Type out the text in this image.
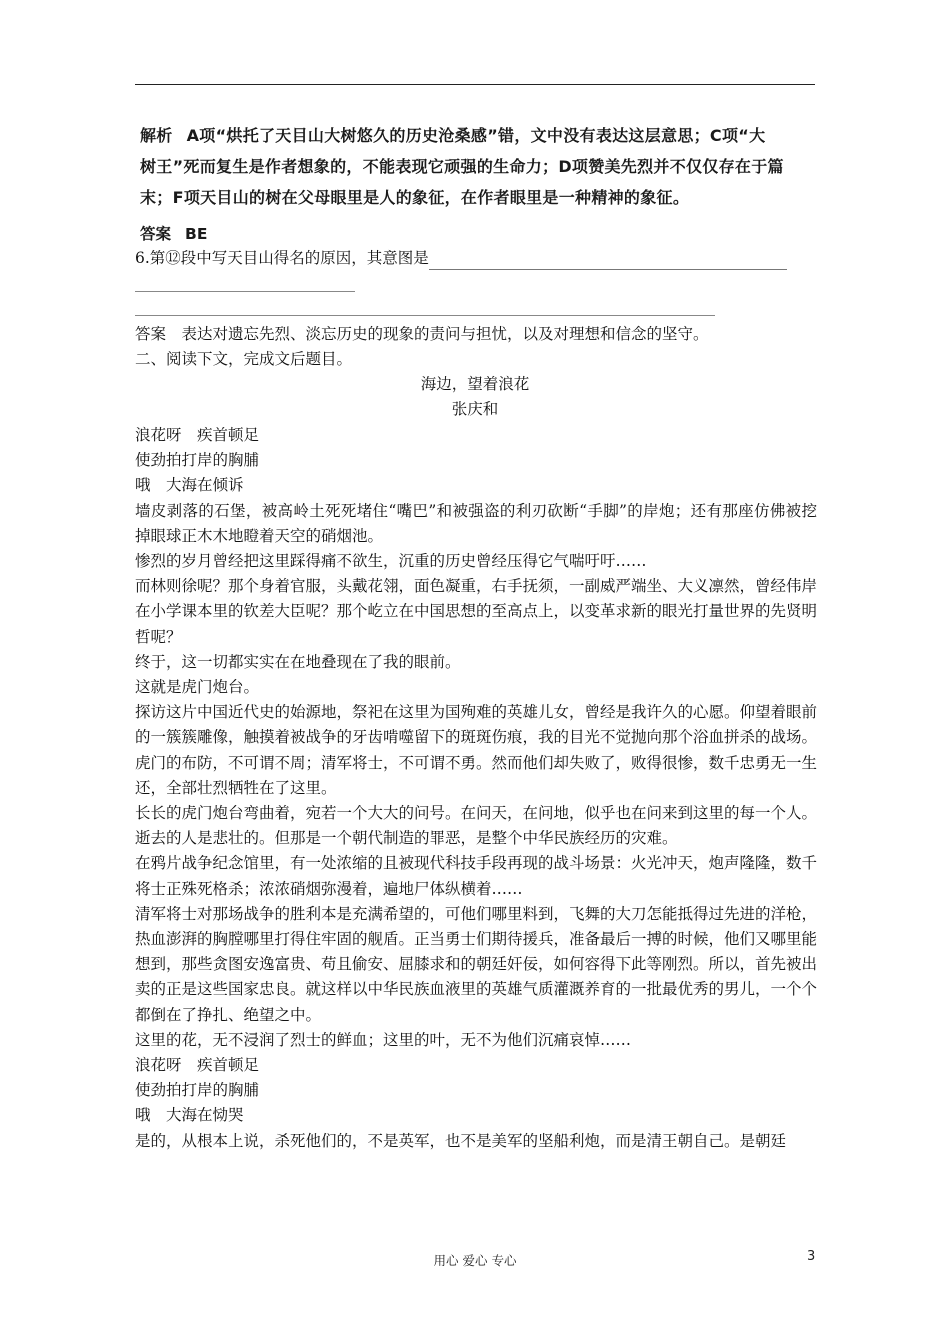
解析 A项“烘托了天目山大树悠久的历史沧桑感”错，文中没有表达这层意思；C项“大
树王”死而复生是作者想象的，不能表现它顽强的生命力；D项赞美先烈并不仅仅存在于篇
末；F项天目山的树在父母眼里是人的象征，在作者眼里是一种精神的象征。
答案 BE
6.第⑫段中写天目山得名的原因，其意图是
答案　 表达对遗忘先烈、淡忘历史的现象的责问与担忧，以及对理想和信念的坚守。
二、阅读下文，完成文后题目。
海边，望着浪花
张庆和

浪花呀　疾首顿足

使劲拍打岸的胸脯

哦　大海在倾诉

墙皮剥落的石堡，被高岭土死死堵住“嘴巴”和被强盗的利刃砍断“手脚”的岸炮；还有那座仿佛被挖掉眼球正木木地瞪着天空的硝烟池。

惨烈的岁月曾经把这里踩得痛不欲生，沉重的历史曾经压得它气喘吁吁……

而林则徐呢？那个身着官服，头戴花翎，面色凝重，右手抚须，一副威严端坐、大义凛然，曾经伟岸在小学课本里的钦差大臣呢？那个屹立在中国思想的至高点上，以变革求新的眼光打量世界的先贤明哲呢？

终于，这一切都实实在在地叠现在了我的眼前。

这就是虎门炮台。

探访这片中国近代史的始源地，祭祀在这里为国殉难的英雄儿女，曾经是我许久的心愿。仰望着眼前的一簇簇雕像，触摸着被战争的牙齿啃噬留下的斑斑伤痕，我的目光不觉抛向那个浴血拼杀的战场。

虎门的布防，不可谓不周；清军将士，不可谓不勇。然而他们却失败了，败得很惨，数千忠勇无一生还，全部壮烈牺牲在了这里。

长长的虎门炮台弯曲着，宛若一个大大的问号。在问天，在问地，似乎也在问来到这里的每一个人。

逝去的人是悲壮的。但那是一个朝代制造的罪恶，是整个中华民族经历的灾难。

在鸦片战争纪念馆里，有一处浓缩的且被现代科技手段再现的战斗场景：火光冲天，炮声隆隆，数千将士正殊死格杀；浓浓硝烟弥漫着，遍地尸体纵横着……

清军将士对那场战争的胜利本是充满希望的，可他们哪里料到，飞舞的大刀怎能抵得过先进的洋枪，热血澎湃的胸膛哪里打得住牢固的舰盾。正当勇士们期待援兵，准备最后一搏的时候，他们又哪里能想到，那些贪图安逸富贵、苟且偷安、屈膝求和的朝廷奸佞，如何容得下此等刚烈。所以，首先被出卖的正是这些国家忠良。就这样以中华民族血液里的英雄气质灌溉养育的一批最优秀的男儿，一个个都倒在了挣扎、绝望之中。

这里的花，无不浸润了烈士的鲜血；这里的叶，无不为他们沉痛哀悼……

浪花呀　疾首顿足

使劲拍打岸的胸脯

哦　大海在恸哭

是的，从根本上说，杀死他们的，不是英军，也不是美军的坚船利炮，而是清王朝自己。是朝廷

用心 爱心 专心	3
